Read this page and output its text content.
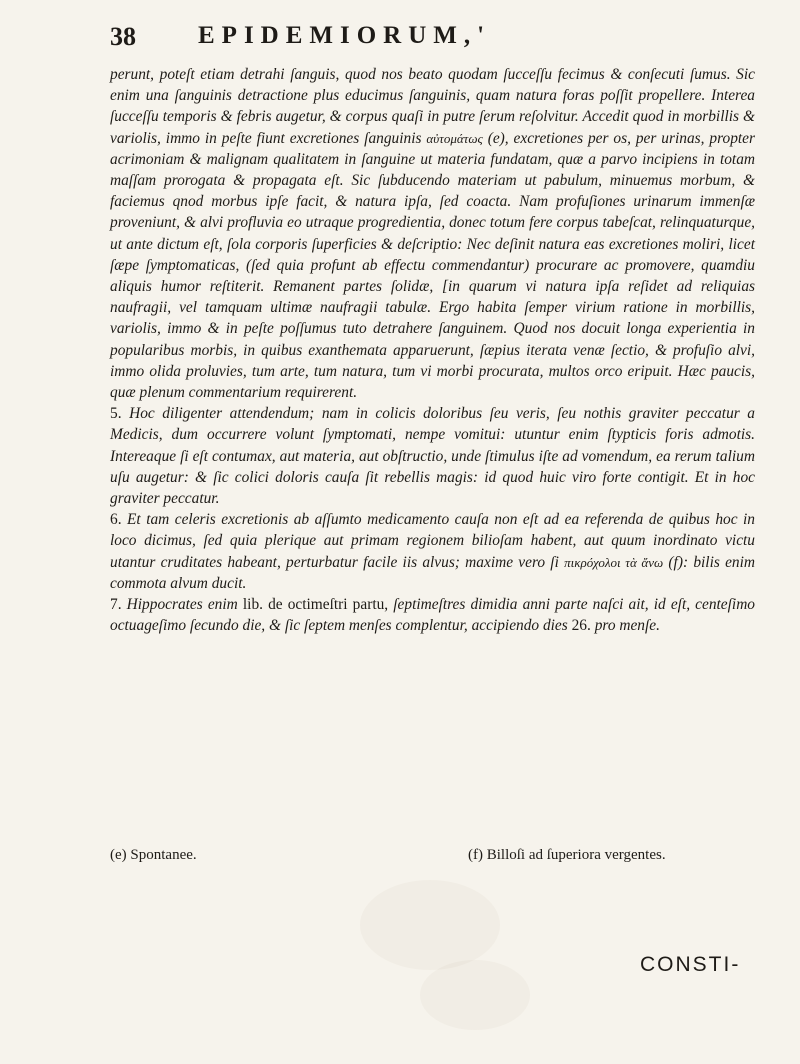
38 EPIDEMIORUM,'

perunt, poteſt etiam detrahi ſanguis, quod nos beato quodam ſucceſſu fecimus & conſecuti ſumus. Sic enim una ſanguinis detractione plus educimus ſanguinis, quam natura foras poſſit propellere. Interea ſucceſſu temporis & febris augetur, & corpus quaſi in putre ſerum reſolvitur. Accedit quod in morbillis & variolis, immo in peſte fiunt excretiones ſanguinis αὐτομάτως (e), excretiones per os, per urinas, propter acrimoniam & malignam qualitatem in ſanguine ut materia fundatam, quæ a parvo incipiens in totam maſſam prorogata & propagata eſt. Sic ſubducendo materiam ut pabulum, minuemus morbum, & faciemus qnod morbus ipſe facit, & natura ipſa, ſed coacta. Nam profuſiones urinarum immenſæ proveniunt, & alvi profluvia eo utraque progredientia, donec totum fere corpus tabeſcat, relinquaturque, ut ante dictum eſt, ſola corporis ſuperficies & deſcriptio: Nec deſinit natura eas excretiones moliri, licet ſæpe ſymptomaticas, (ſed quia profunt ab effectu commendantur) procurare ac promovere, quamdiu aliquis humor reſtiterit. Remanent partes ſolidæ, [in quarum vi natura ipſa reſidet ad reliquias naufragii, vel tamquam ultimæ naufragii tabulæ. Ergo habita ſemper virium ratione in morbillis, variolis, immo & in peſte poſſumus tuto detrahere ſanguinem. Quod nos docuit longa experientia in popularibus morbis, in quibus exanthemata apparuerunt, ſæpius iterata venæ ſectio, & profuſio alvi, immo olida proluvies, tum arte, tum natura, tum vi morbi procurata, multos orco eripuit. Hæc paucis, quæ plenum commentarium requirerent.

5. Hoc diligenter attendendum; nam in colicis doloribus ſeu veris, ſeu nothis graviter peccatur a Medicis, dum occurrere volunt ſymptomati, nempe vomitui: utuntur enim ſtypticis foris admotis. Intereaque ſi eſt contumax, aut materia, aut obſtructio, unde ſtimulus iſte ad vomendum, ea rerum talium uſu augetur: & ſic colici doloris cauſa ſit rebellis magis: id quod huic viro forte contigit. Et in hoc graviter peccatur.

6. Et tam celeris excretionis ab aſſumto medicamento cauſa non eſt ad ea referenda de quibus hoc in loco dicimus, ſed quia plerique aut primam regionem bilioſam habent, aut quum inordinato victu utantur cruditates habeant, perturbatur facile iis alvus; maxime vero ſi πικρόχολοι τὰ ἄνω (f): bilis enim commota alvum ducit.

7. Hippocrates enim lib. de octimeſtri partu, ſeptimeſtres dimidia anni parte naſci ait, id eſt, centeſimo octuageſimo ſecundo die, & ſic ſeptem menſes complentur, accipiendo dies 26. pro menſe.

(e) Spontanee.	(f) Billoſi ad ſuperiora vergentes.
CONSTI-
